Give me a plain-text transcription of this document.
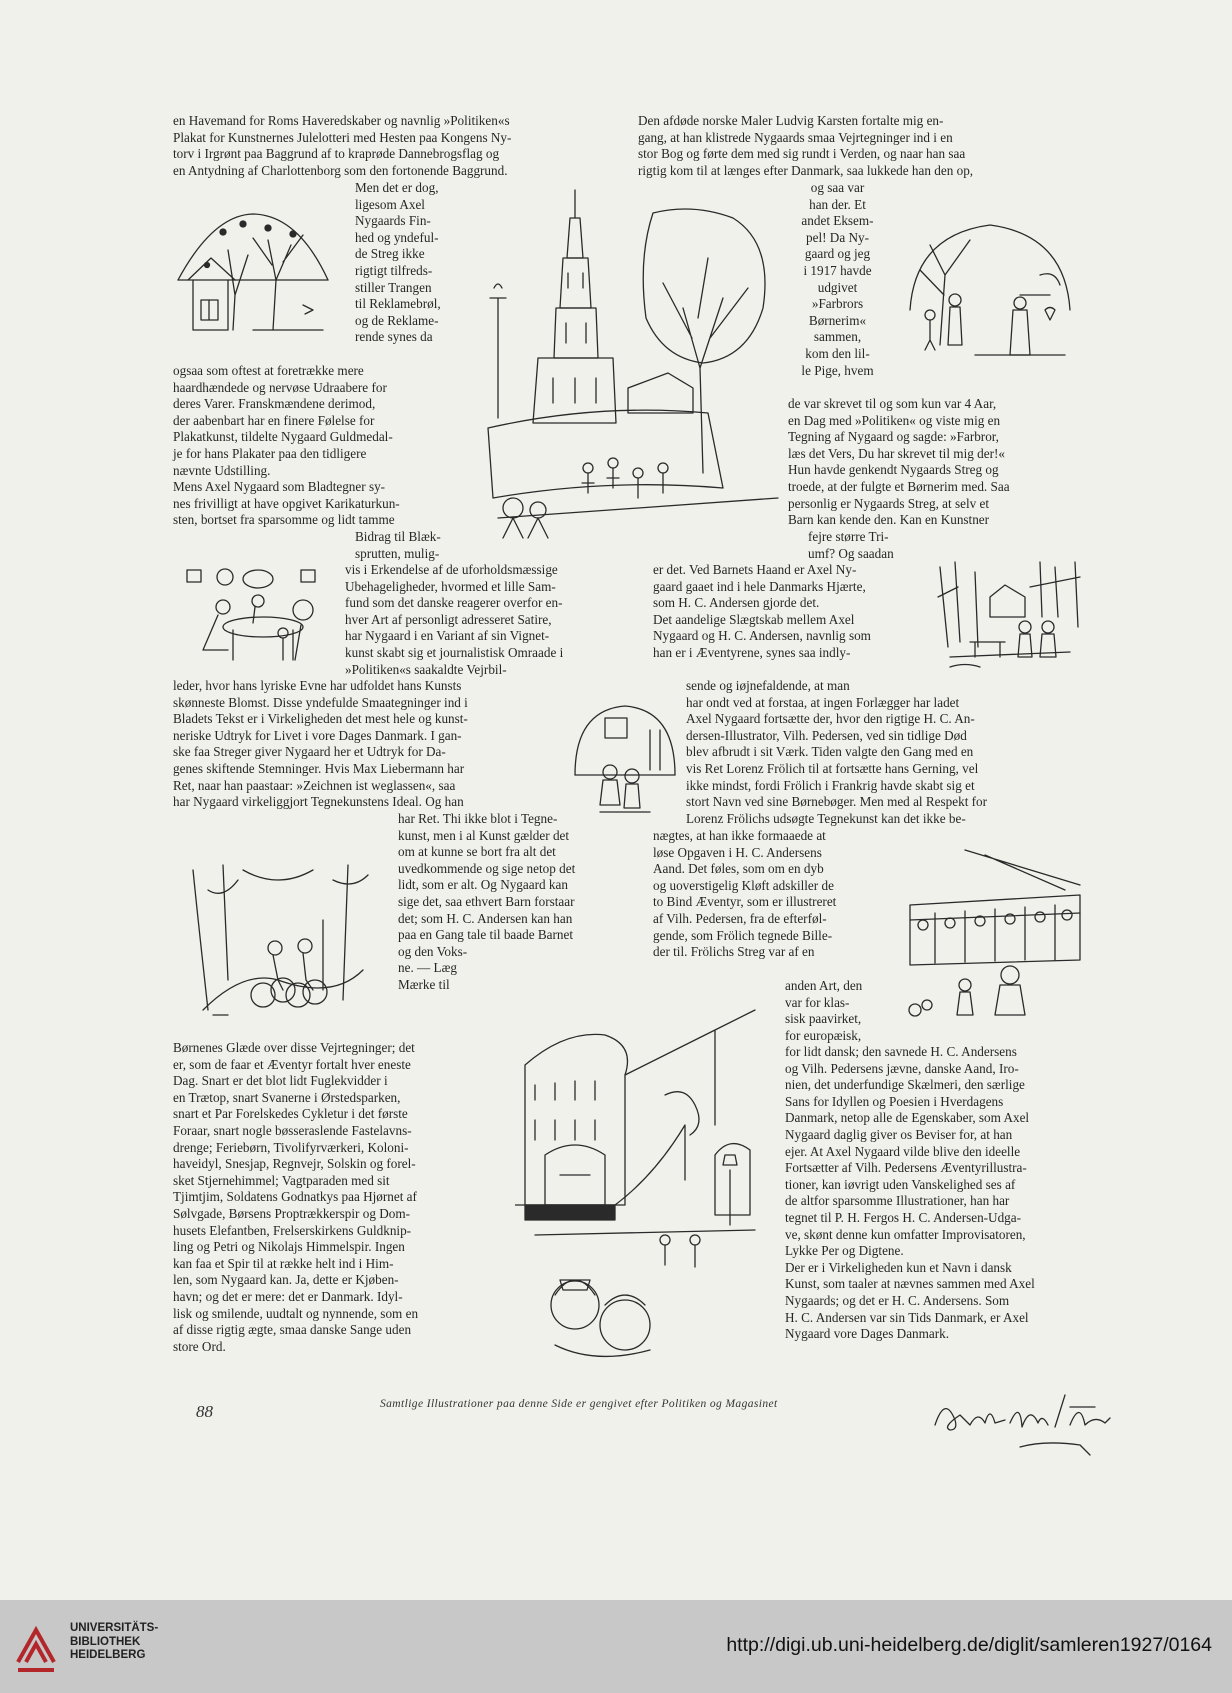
en Havemand for Roms Haveredskaber og navnlig »Politiken«s
Plakat for Kunstnernes Julelotteri med Hesten paa Kongens Ny-
torv i Irgrønt paa Baggrund af to kraprøde Dannebrogsflag og
en Antydning af Charlottenborg som den fortonende Baggrund.

Men det er dog,
ligesom Axel
Nygaards Fin-
hed og yndeful-
de Streg ikke
rigtigt tilfreds-
stiller Trangen
til Reklamebrøl,
og de Reklame-
rende synes da

ogsaa som oftest at foretrække mere
haardhændede og nervøse Udraabere for
deres Varer. Franskmændene derimod,
der aabenbart har en finere Følelse for
Plakatkunst, tildelte Nygaard Guldmedal-
je for hans Plakater paa den tidligere
nævnte Udstilling.
Mens Axel Nygaard som Bladtegner sy-
nes frivilligt at have opgivet Karikaturkun-
sten, bortset fra sparsomme og lidt tamme

Bidrag til Blæk-
sprutten, mulig-

vis i Erkendelse af de uforholdsmæssige
Ubehageligheder, hvormed et lille Sam-
fund som det danske reagerer overfor en-
hver Art af personligt adresseret Satire,
har Nygaard i en Variant af sin Vignet-
kunst skabt sig et journalistisk Omraade i
»Politiken«s saakaldte Vejrbil-

leder, hvor hans lyriske Evne har udfoldet hans Kunsts
skønneste Blomst. Disse yndefulde Smaategninger ind i
Bladets Tekst er i Virkeligheden det mest hele og kunst-
neriske Udtryk for Livet i vore Dages Danmark. I gan-
ske faa Streger giver Nygaard her et Udtryk for Da-
genes skiftende Stemninger. Hvis Max Liebermann har
Ret, naar han paastaar: »Zeichnen ist weglassen«, saa
har Nygaard virkeliggjort Tegnekunstens Ideal. Og han

har Ret. Thi ikke blot i Tegne-
kunst, men i al Kunst gælder det
om at kunne se bort fra alt det
uvedkommende og sige netop det
lidt, som er alt. Og Nygaard kan
sige det, saa ethvert Barn forstaar
det; som H. C. Andersen kan han
paa en Gang tale til baade Barnet
og den Voks-
ne. — Læg
Mærke til

Børnenes Glæde over disse Vejrtegninger; det
er, som de faar et Æventyr fortalt hver eneste
Dag. Snart er det blot lidt Fuglekvidder i
en Trætop, snart Svanerne i Ørstedsparken,
snart et Par Forelskedes Cykletur i det første
Foraar, snart nogle bøsseraslende Fastelavns-
drenge; Feriebørn, Tivolifyrværkeri, Koloni-
haveidyl, Snesjap, Regnvejr, Solskin og forel-
sket Stjernehimmel; Vagtparaden med sit
Tjimtjim, Soldatens Godnatkys paa Hjørnet af
Sølvgade, Børsens Proptrækkerspir og Dom-
husets Elefantben, Frelserskirkens Guldknip-
ling og Petri og Nikolajs Himmelspir. Ingen
kan faa et Spir til at række helt ind i Him-
len, som Nygaard kan. Ja, dette er Kjøben-
havn; og det er mere: det er Danmark. Idyl-
lisk og smilende, uudtalt og nynnende, som en
af disse rigtig ægte, smaa danske Sange uden
store Ord.

Den afdøde norske Maler Ludvig Karsten fortalte mig en-
gang, at han klistrede Nygaards smaa Vejrtegninger ind i en
stor Bog og førte dem med sig rundt i Verden, og naar han saa
rigtig kom til at længes efter Danmark, saa lukkede han den op,

og saa var
han der. Et
andet Eksem-
pel! Da Ny-
gaard og jeg
i 1917 havde
udgivet
»Farbrors
Børnerim«
sammen,
kom den lil-
le Pige, hvem

de var skrevet til og som kun var 4 Aar,
en Dag med »Politiken« og viste mig en
Tegning af Nygaard og sagde: »Farbror,
læs det Vers, Du har skrevet til mig der!«
Hun havde genkendt Nygaards Streg og
troede, at der fulgte et Børnerim med. Saa
personlig er Nygaards Streg, at selv et
Barn kan kende den. Kan en Kunstner

fejre større Tri-
umf? Og saadan

er det. Ved Barnets Haand er Axel Ny-
gaard gaaet ind i hele Danmarks Hjærte,
som H. C. Andersen gjorde det.
Det aandelige Slægtskab mellem Axel
Nygaard og H. C. Andersen, navnlig som
han er i Æventyrene, synes saa indly-

sende og iøjnefaldende, at man
har ondt ved at forstaa, at ingen Forlægger har ladet
Axel Nygaard fortsætte der, hvor den rigtige H. C. An-
dersen-Illustrator, Vilh. Pedersen, ved sin tidlige Død
blev afbrudt i sit Værk. Tiden valgte den Gang med en
vis Ret Lorenz Frölich til at fortsætte hans Gerning, vel
ikke mindst, fordi Frölich i Frankrig havde skabt sig et
stort Navn ved sine Børnebøger. Men med al Respekt for
Lorenz Frölichs udsøgte Tegnekunst kan det ikke be-

nægtes, at han ikke formaaede at
løse Opgaven i H. C. Andersens
Aand. Det føles, som om en dyb
og uoverstigelig Kløft adskiller de
to Bind Æventyr, som er illustreret
af Vilh. Pedersen, fra de efterføl-
gende, som Frölich tegnede Bille-
der til. Frölichs Streg var af en

anden Art, den
var for klas-
sisk paavirket,
for europæisk,

for lidt dansk; den savnede H. C. Andersens
og Vilh. Pedersens jævne, danske Aand, Iro-
nien, det underfundige Skælmeri, den særlige
Sans for Idyllen og Poesien i Hverdagens
Danmark, netop alle de Egenskaber, som Axel
Nygaard daglig giver os Beviser for, at han
ejer. At Axel Nygaard vilde blive den ideelle
Fortsætter af Vilh. Pedersens Æventyrillustra-
tioner, kan iøvrigt uden Vanskelighed ses af
de altfor sparsomme Illustrationer, han har
tegnet til P. H. Fergos H. C. Andersen-Udga-
ve, skønt denne kun omfatter Improvisatoren,
Lykke Per og Digtene.
Der er i Virkeligheden kun et Navn i dansk
Kunst, som taaler at nævnes sammen med Axel
Nygaards; og det er H. C. Andersens. Som
H. C. Andersen var sin Tids Danmark, er Axel
Nygaard vore Dages Danmark.

88	Samtlige Illustrationer paa denne Side er gengivet efter Politiken og Magasinet

UNIVERSITÄTS-
BIBLIOTHEK
HEIDELBERG	http://digi.ub.uni-heidelberg.de/diglit/samleren1927/0164
